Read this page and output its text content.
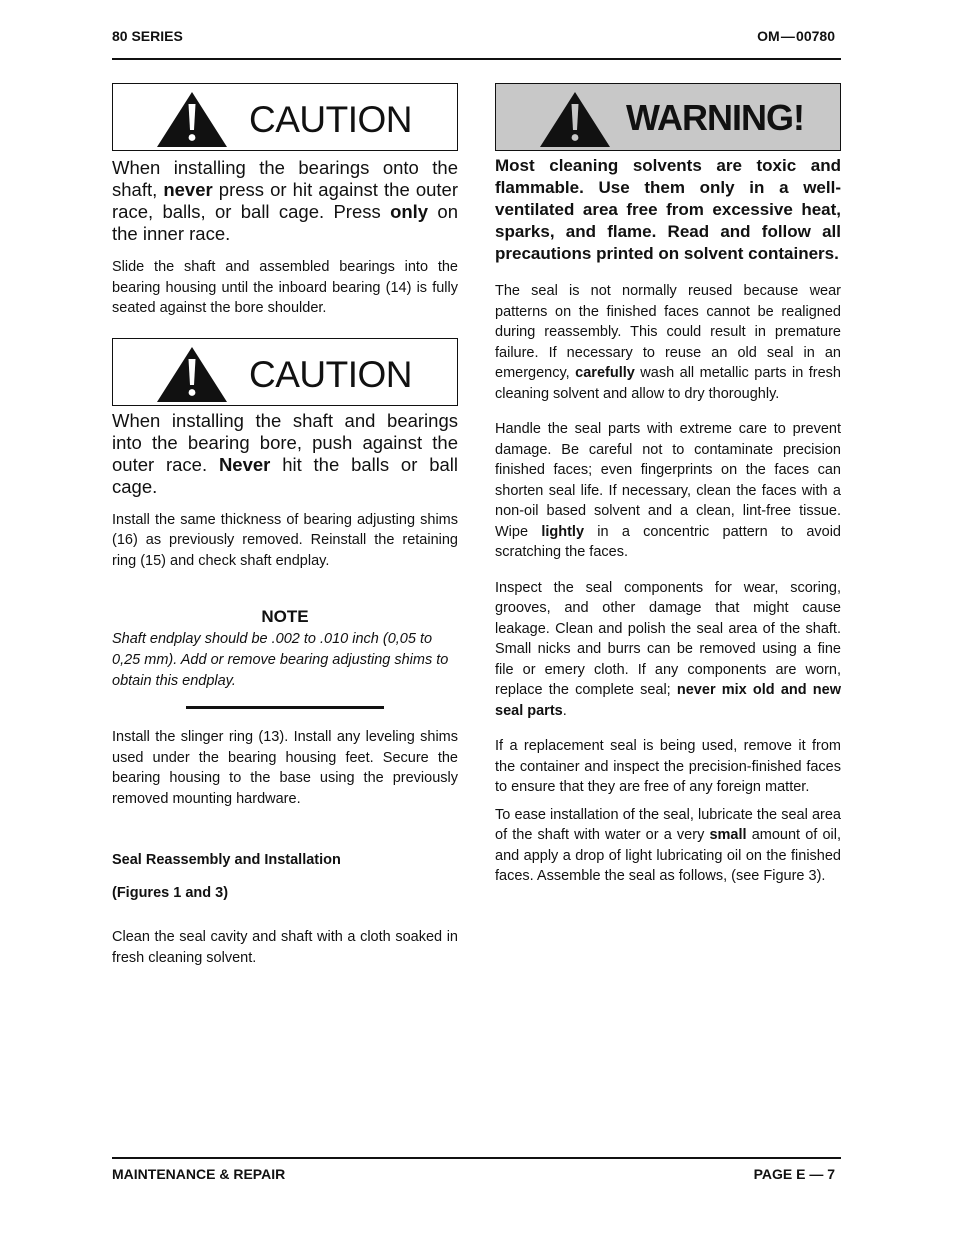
80 SERIES	OM — 00780
CAUTION

When installing the bearings onto the shaft, never press or hit against the outer race, balls, or ball cage. Press only on the inner race.

Slide the shaft and assembled bearings into the bearing housing until the inboard bearing (14) is fully seated against the bore shoulder.

CAUTION

When installing the shaft and bearings into the bearing bore, push against the outer race. Never hit the balls or ball cage.

Install the same thickness of bearing adjusting shims (16) as previously removed. Reinstall the retaining ring (15) and check shaft endplay.

NOTE

Shaft endplay should be .002 to .010 inch (0,05 to 0,25 mm). Add or remove bearing adjusting shims to obtain this endplay.

Install the slinger ring (13). Install any leveling shims used under the bearing housing feet. Secure the bearing housing to the base using the previously removed mounting hardware.

Seal Reassembly and Installation

(Figures 1 and 3)

Clean the seal cavity and shaft with a cloth soaked in fresh cleaning solvent.

WARNING!

Most cleaning solvents are toxic and flammable. Use them only in a well-ventilated area free from excessive heat, sparks, and flame. Read and follow all precautions printed on solvent containers.

The seal is not normally reused because wear patterns on the finished faces cannot be realigned during reassembly. This could result in premature failure. If necessary to reuse an old seal in an emergency, carefully wash all metallic parts in fresh cleaning solvent and allow to dry thoroughly.

Handle the seal parts with extreme care to prevent damage. Be careful not to contaminate precision finished faces; even fingerprints on the faces can shorten seal life. If necessary, clean the faces with a non-oil based solvent and a clean, lint-free tissue. Wipe lightly in a concentric pattern to avoid scratching the faces.

Inspect the seal components for wear, scoring, grooves, and other damage that might cause leakage. Clean and polish the seal area of the shaft. Small nicks and burrs can be removed using a fine file or emery cloth. If any components are worn, replace the complete seal; never mix old and new seal parts.

If a replacement seal is being used, remove it from the container and inspect the precision-finished faces to ensure that they are free of any foreign matter.

To ease installation of the seal, lubricate the seal area of the shaft with water or a very small amount of oil, and apply a drop of light lubricating oil on the finished faces. Assemble the seal as follows, (see Figure 3).

MAINTENANCE & REPAIR	PAGE E — 7
